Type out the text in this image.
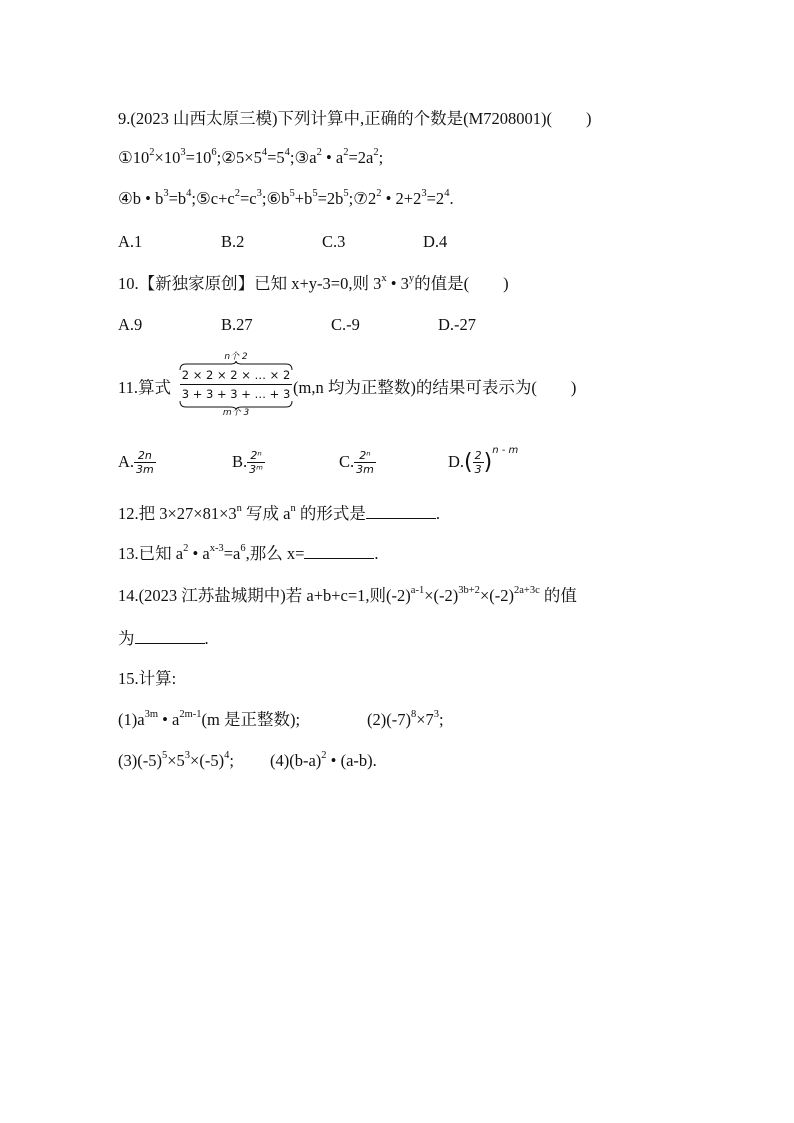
9.(2023 山西太原三模)下列计算中,正确的个数是(M7208001)( )
$①10^2\times 10^3=10^6;②5\times 5^4=5^4;③a^2$ • $a^2=2a^2$;
④b • $b^3=b^4;⑤c+c^2=c^3;⑥b^5+b^5=2b^5;⑦2^2$ • $2+2^3=2^4$.
A.1	B.2	C.3	D.4
10.【新独家原创】已知 x+y-3=0,则 3$^x$ • 3$^y$的值是( )
A.9	B.27	C.-9	D.-27
11.算式
n个 2
2 × 2 × 2 × … × 2
3 + 3 + 3 + … + 3
m个 3
(m,n 均为正整数)的结果可表示为( )
A. $\frac{2n}{3m}$	B. $\frac{\text{2ⁿ}}{\text{3ᵐ}}$	C. $\frac{\text{2ⁿ}}{3m}$	$D.( \frac{2}{3} )^{n - m}$
12.把 $3\times 27\times 81\times 3^n$ 写成 $a^n$ 的形式是	.
13.已知 $a^2$ • $a^{x-3}=a^6$,那么 x=	.
14.(2023 江苏盐城期中)若 a+b+c=1,则$(-2)^{a-1}\times(-2)^{3b+2}\times(-2)^{2a+3c}$ 的值
为	.
15.计算:
$(1)a^{3m}$ • $a^{2m-1}(m$ 是正整数);	$(2)(-7)^8\times 7^3$;
$(3)(-5)^5\times 5^3\times(-5)^4$; $(4)(b-a)^2$ • (a-b).
